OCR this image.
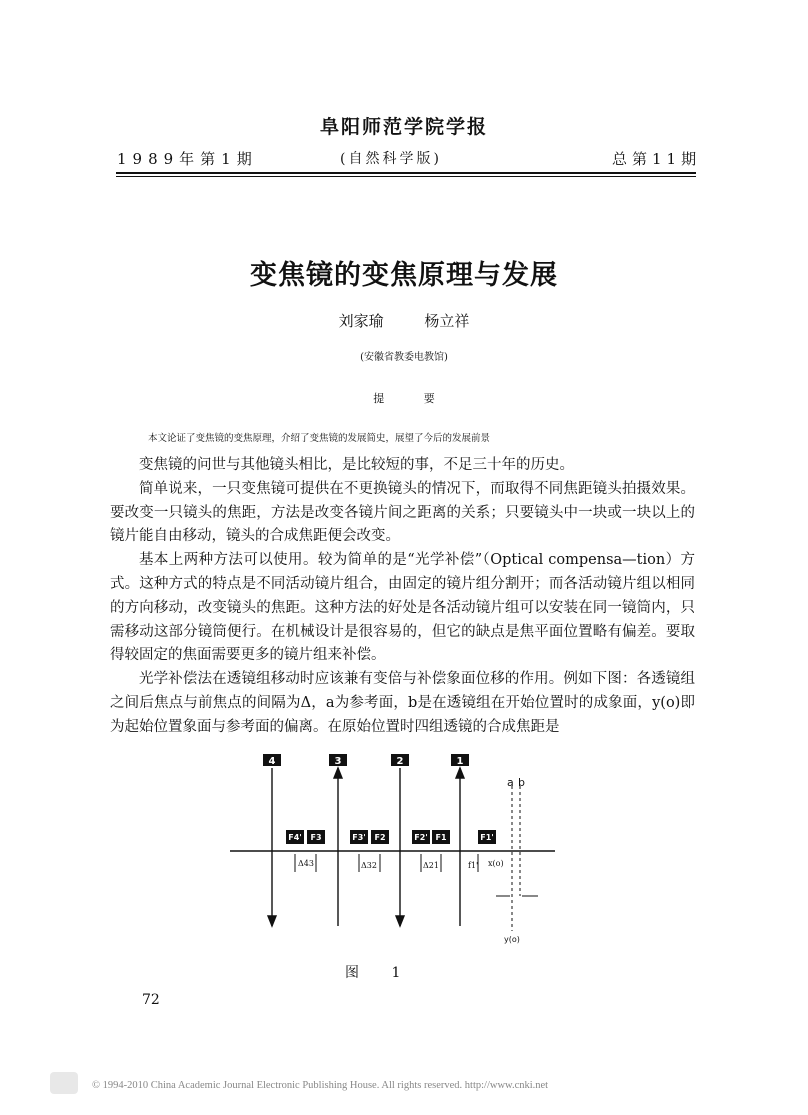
阜阳师范学院学报
1989年第1期	(自然科学版)	总第11期
变焦镜的变焦原理与发展
刘家瑜	杨立祥
(安徽省教委电教馆)
提	要
本文论证了变焦镜的变焦原理，介绍了变焦镜的发展简史，展望了今后的发展前景

变焦镜的问世与其他镜头相比，是比较短的事，不足三十年的历史。

简单说来，一只变焦镜可提供在不更换镜头的情况下，而取得不同焦距镜头拍摄效果。要改变一只镜头的焦距，方法是改变各镜片间之距离的关系；只要镜头中一块或一块以上的镜片能自由移动，镜头的合成焦距便会改变。

基本上两种方法可以使用。较为简单的是“光学补偿”（Optical compensa—tion）方式。这种方式的特点是不同活动镜片组合，由固定的镜片组分割开；而各活动镜片组以相同的方向移动，改变镜头的焦距。这种方法的好处是各活动镜片组可以安装在同一镜筒内，只需移动这部分镜筒便行。在机械设计是很容易的，但它的缺点是焦平面位置略有偏差。要取得较固定的焦面需要更多的镜片组来补偿。

光学补偿法在透镜组移动时应该兼有变倍与补偿象面位移的作用。例如下图：各透镜组之间后焦点与前焦点的间隔为Δ，a为参考面，b是在透镜组在开始位置时的成象面，y(o)即为起始位置象面与参考面的偏离。在原始位置时四组透镜的合成焦距是

4	3	2	1
F4' F3	F3' F2	F2' F1	F1'
Δ43	Δ32	Δ21	f1' x(o)
a b
y(o)
图 1
72
© 1994-2010 China Academic Journal Electronic Publishing House. All rights reserved. http://www.cnki.net
